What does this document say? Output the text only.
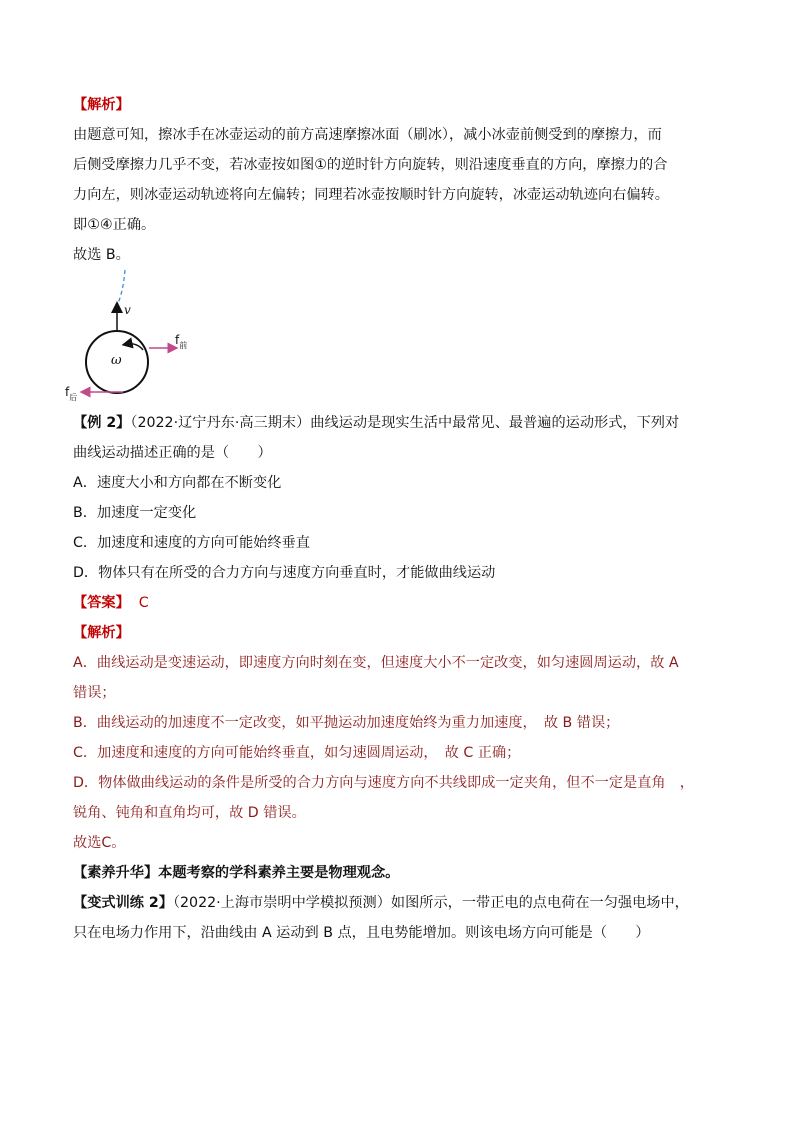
【解析】
由题意可知，擦冰手在冰壶运动的前方高速摩擦冰面（刷冰），减小冰壶前侧受到的摩擦力，而
后侧受摩擦力几乎不变，若冰壶按如图①的逆时针方向旋转，则沿速度垂直的方向，摩擦力的合
力向左，则冰壶运动轨迹将向左偏转；同理若冰壶按顺时针方向旋转，冰壶运动轨迹向右偏转。
即①④正确。
故选 B。
v
ω
$f_前$
$f_后$
【例 2】（2022·辽宁丹东·高三期末）曲线运动是现实生活中最常见、最普遍的运动形式，下列对
曲线运动描述正确的是（　　）
A．速度大小和方向都在不断变化
B．加速度一定变化
C．加速度和速度的方向可能始终垂直
D．物体只有在所受的合力方向与速度方向垂直时，才能做曲线运动
【答案】 C
【解析】
A．曲线运动是变速运动，即速度方向时刻在变，但速度大小不一定改变，如匀速圆周运动，故 A
错误；
B．曲线运动的加速度不一定改变，如平抛运动加速度始终为重力加速度，　故 B 错误；
C．加速度和速度的方向可能始终垂直，如匀速圆周运动，　故 C 正确；
D．物体做曲线运动的条件是所受的合力方向与速度方向不共线即成一定夹角，但不一定是直角　，
锐角、钝角和直角均可，故 D 错误。
故选C。
【素养升华】本题考察的学科素养主要是物理观念。
【变式训练 2】（2022·上海市崇明中学模拟预测）如图所示，一带正电的点电荷在一匀强电场中，
只在电场力作用下，沿曲线由 A 运动到 B 点，且电势能增加。则该电场方向可能是（　　）
